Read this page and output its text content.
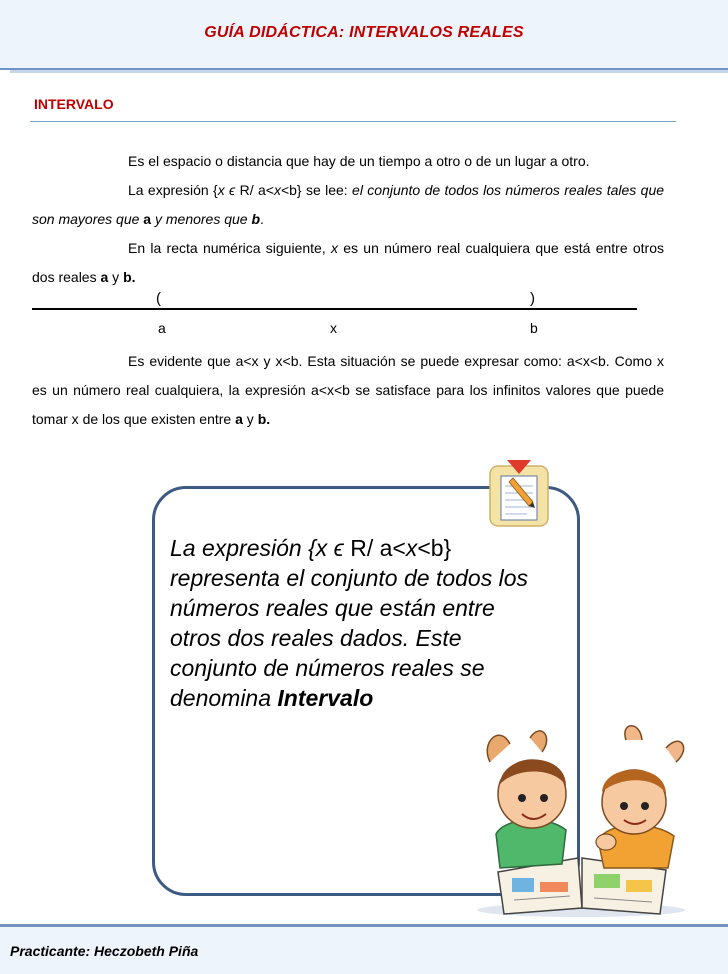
GUÍA DIDÁCTICA: INTERVALOS REALES
INTERVALO
Es el espacio o distancia que hay de un tiempo a otro o de un lugar a otro.
La expresión {x ϵ R/ a<x<b} se lee: el conjunto de todos los números reales tales que son mayores que a y menores que b.
En la recta numérica siguiente, x es un número real cualquiera que está entre otros dos reales a y b.
(	)
a	x	b
Es evidente que a<x y x<b. Esta situación se puede expresar como: a<x<b. Como x es un número real cualquiera, la expresión a<x<b se satisface para los infinitos valores que puede tomar x de los que existen entre a y b.
La expresión {x ϵ R/ a<x<b} representa el conjunto de todos los números reales que están entre otros dos reales dados. Este conjunto de números reales se denomina Intervalo
Practicante: Heczobeth Piña
